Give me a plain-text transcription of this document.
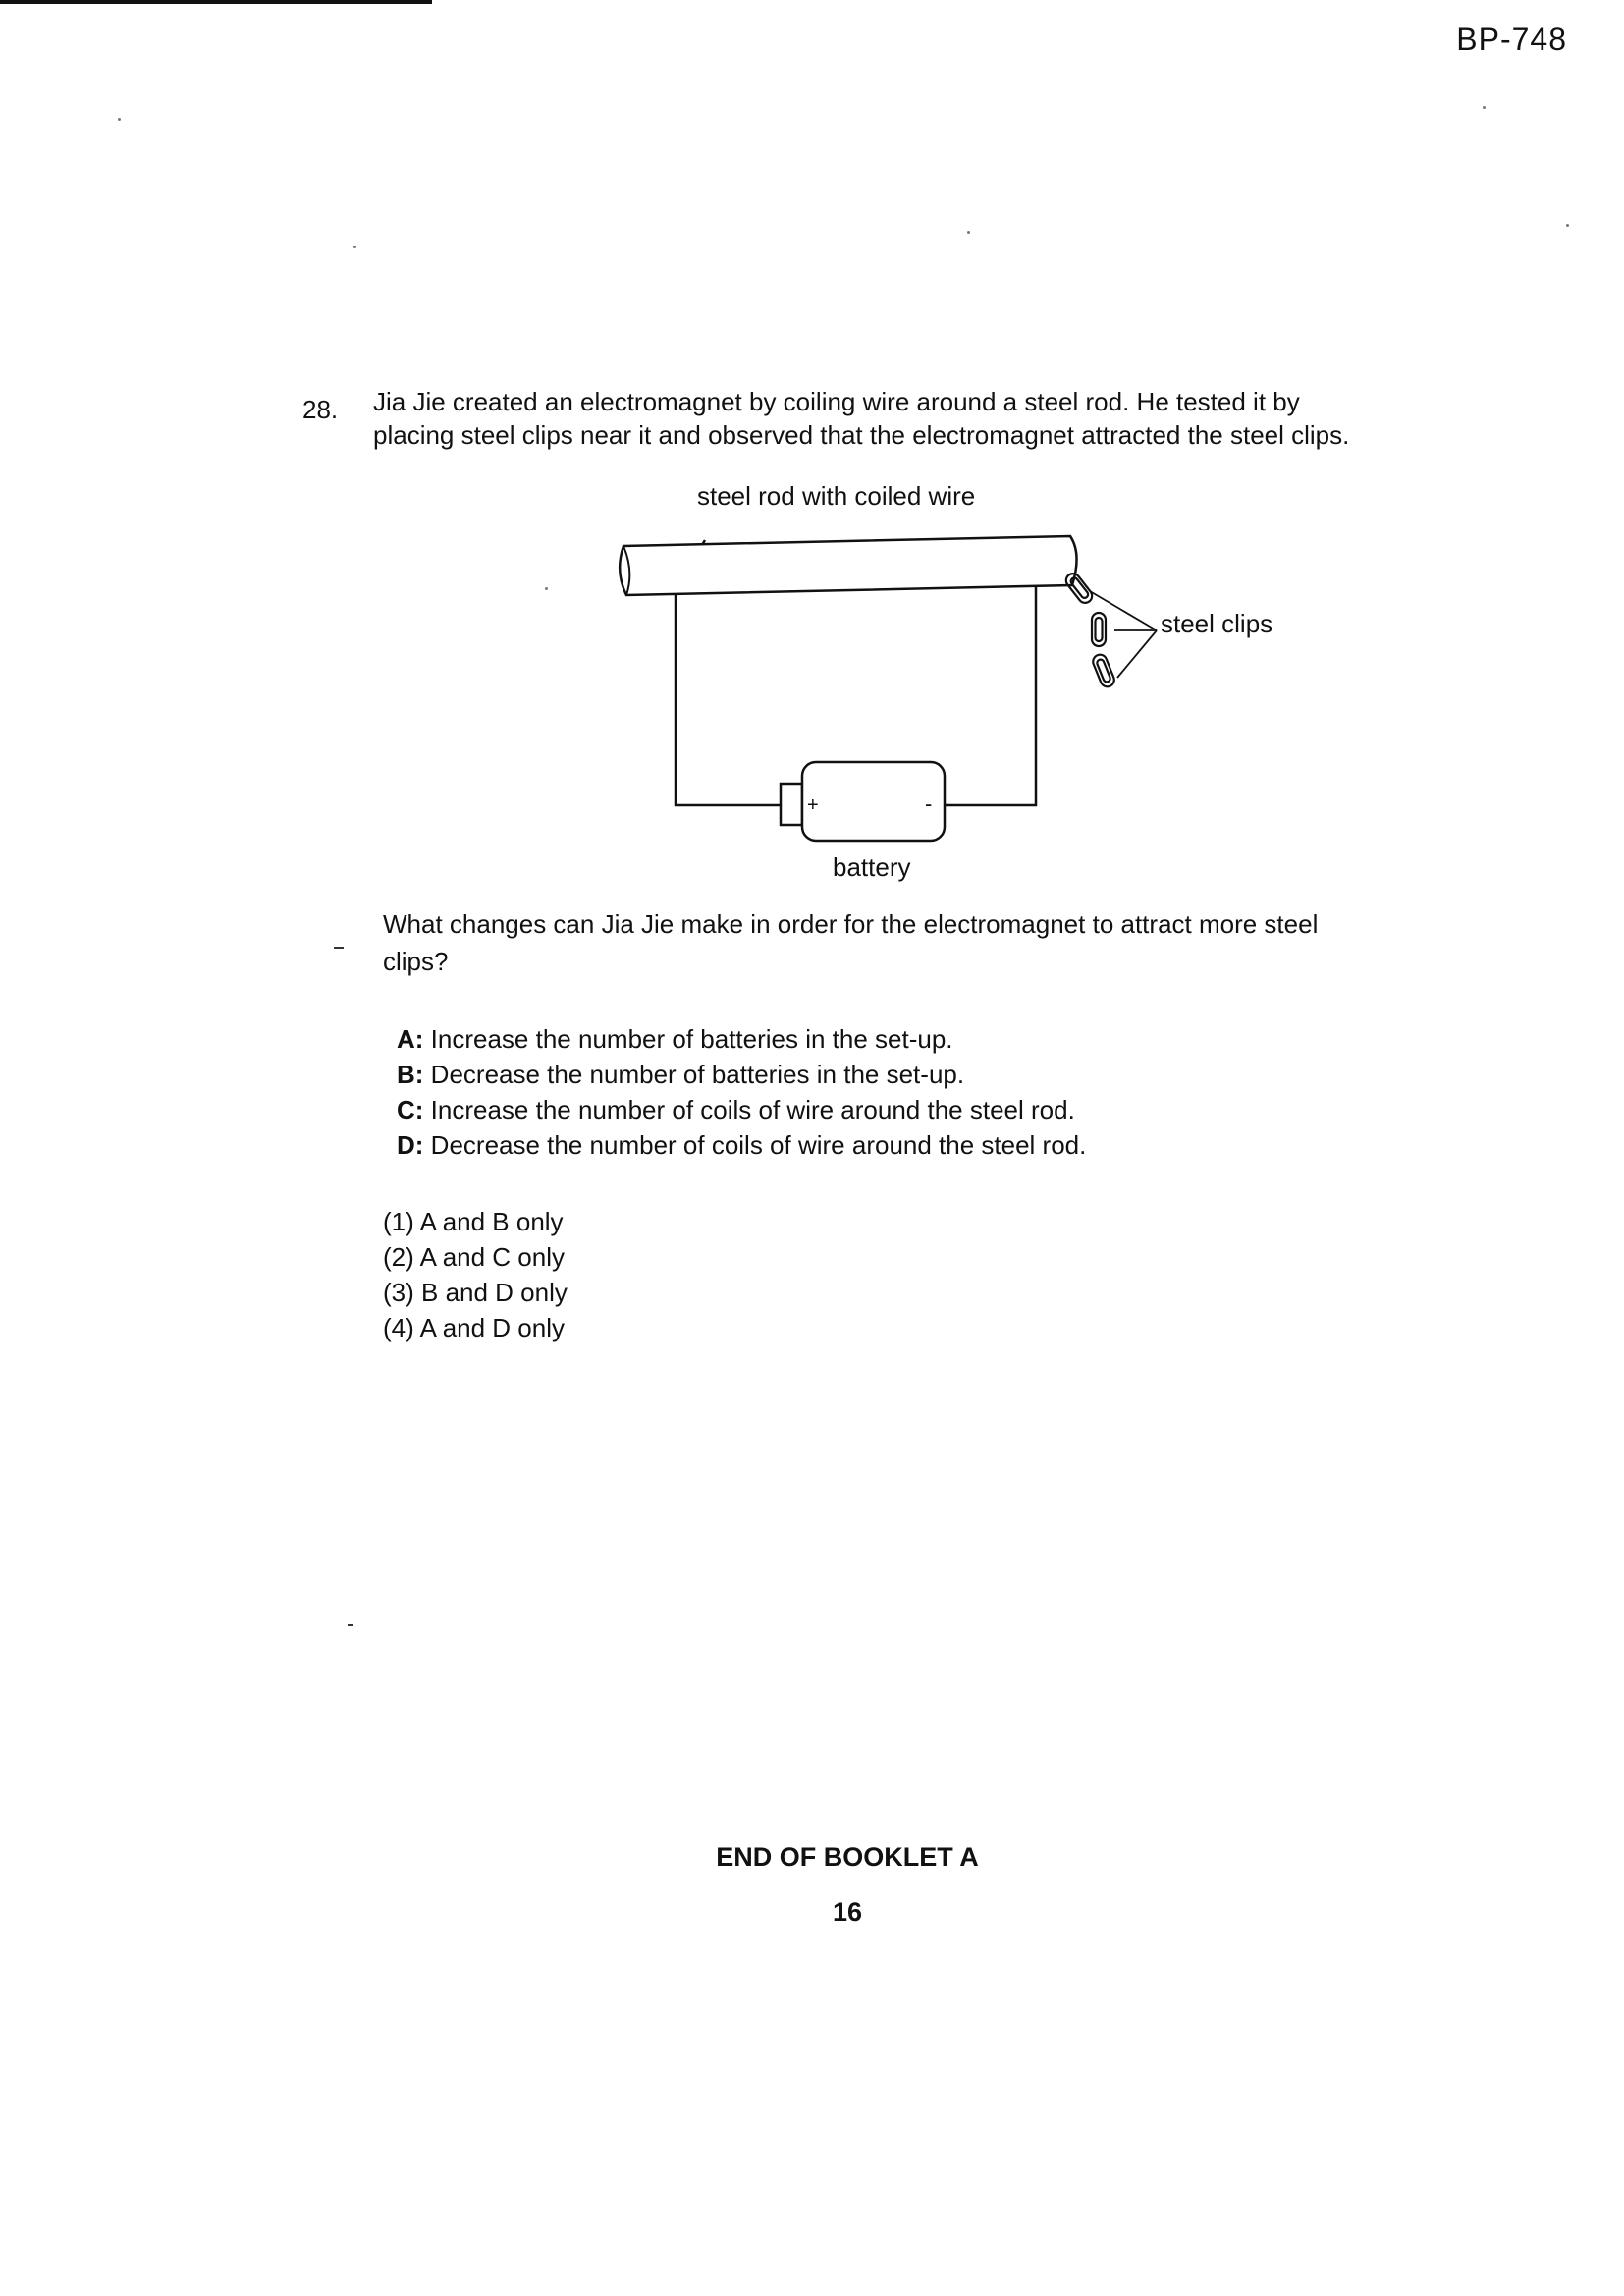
BP-748
28. Jia Jie created an electromagnet by coiling wire around a steel rod. He tested it by placing steel clips near it and observed that the electromagnet attracted the steel clips.
+	-
steel rod with coiled wire
steel clips
battery
What changes can Jia Jie make in order for the electromagnet to attract more steel clips?
A: Increase the number of batteries in the set-up.
B: Decrease the number of batteries in the set-up.
C: Increase the number of coils of wire around the steel rod.
D: Decrease the number of coils of wire around the steel rod.
(1) A and B only
(2) A and C only
(3) B and D only
(4) A and D only
END OF BOOKLET A
16
